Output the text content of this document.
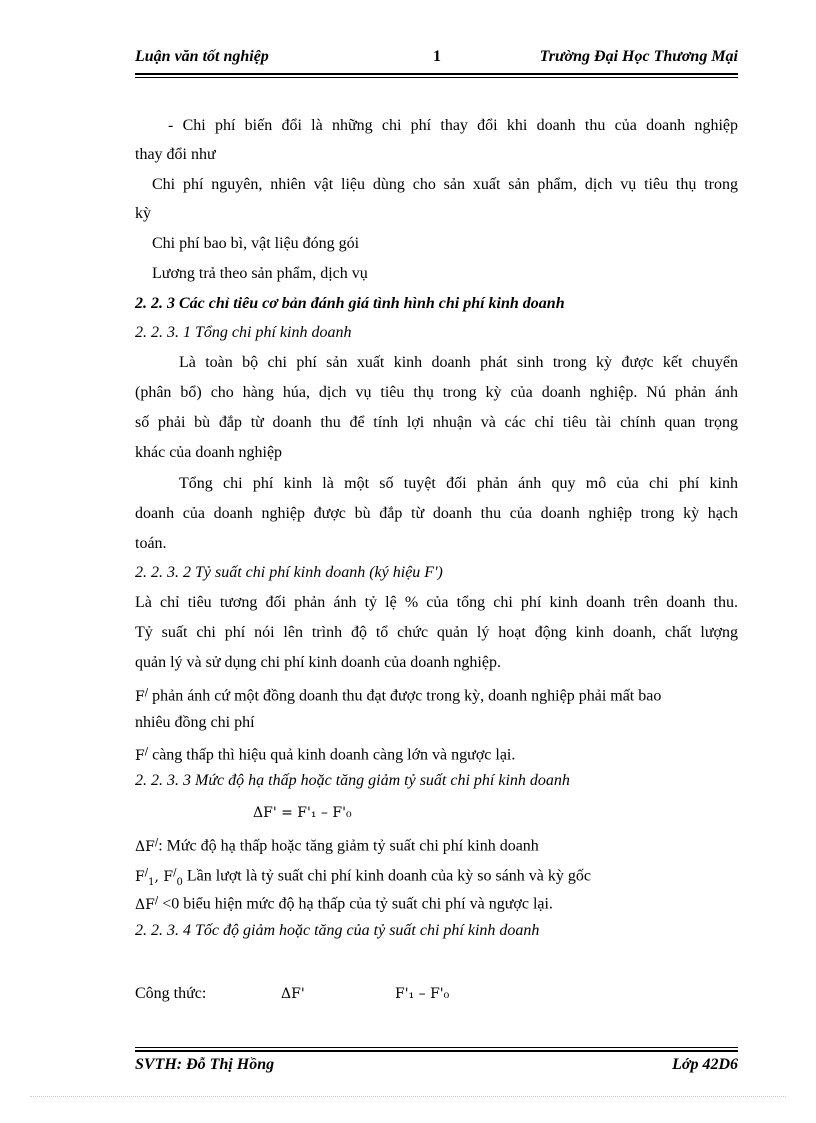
Luận văn tốt nghiệp	1	Trường Đại Học Thương Mại
- Chi phí biến đổi là những chi phí thay đổi khi doanh thu của doanh nghiệp
thay đổi như
Chi phí nguyên, nhiên vật liệu dùng cho sản xuất sản phẩm, dịch vụ tiêu thụ trong
kỳ
Chi phí bao bì, vật liệu đóng gói
Lương trả theo sản phẩm, dịch vụ
2. 2. 3 Các chỉ tiêu cơ bản đánh giá tình hình chi phí kinh doanh
2. 2. 3. 1 Tổng chi phí kinh doanh
Là toàn bộ chi phí sản xuất kinh doanh phát sinh trong kỳ được kết chuyển
(phân bổ) cho hàng húa, dịch vụ tiêu thụ trong kỳ của doanh nghiệp. Nú phản ánh
số phải bù đắp từ doanh thu để tính lợi nhuận và các chỉ tiêu tài chính quan trọng
khác của doanh nghiệp
Tổng chi phí kinh là một số tuyệt đối phản ánh quy mô của chi phí kinh
doanh của doanh nghiệp được bù đắp từ doanh thu của doanh nghiệp trong kỳ hạch
toán.
2. 2. 3. 2 Tỷ suất chi phí kinh doanh (ký hiệu F')
Là chỉ tiêu tương đối phản ánh tỷ lệ % của tổng chi phí kinh doanh trên doanh thu.
Tỷ suất chi phí nói lên trình độ tổ chức quản lý hoạt động kinh doanh, chất lượng
quản lý và sử dụng chi phí kinh doanh của doanh nghiệp.
F/ phản ánh cứ một đồng doanh thu đạt được trong kỳ, doanh nghiệp phải mất bao
nhiêu đồng chi phí
F/ càng thấp thì hiệu quả kinh doanh càng lớn và ngược lại.
2. 2. 3. 3 Mức độ hạ thấp hoặc tăng giảm tỷ suất chi phí kinh doanh
ΔF' = F'₁ – F'₀
ΔF/: Mức độ hạ thấp hoặc tăng giảm tỷ suất chi phí kinh doanh
$F^/_1$, $F^/_0$ Lần lượt là tỷ suất chi phí kinh doanh của kỳ so sánh và kỳ gốc
ΔF/ <0 biểu hiện mức độ hạ thấp của tỷ suất chi phí và ngược lại.
2. 2. 3. 4 Tốc độ giảm hoặc tăng của tỷ suất chi phí kinh doanh
Công thức:	ΔF'	F'₁ – F'₀
SVTH: Đỗ Thị Hồng	Lớp 42D6
